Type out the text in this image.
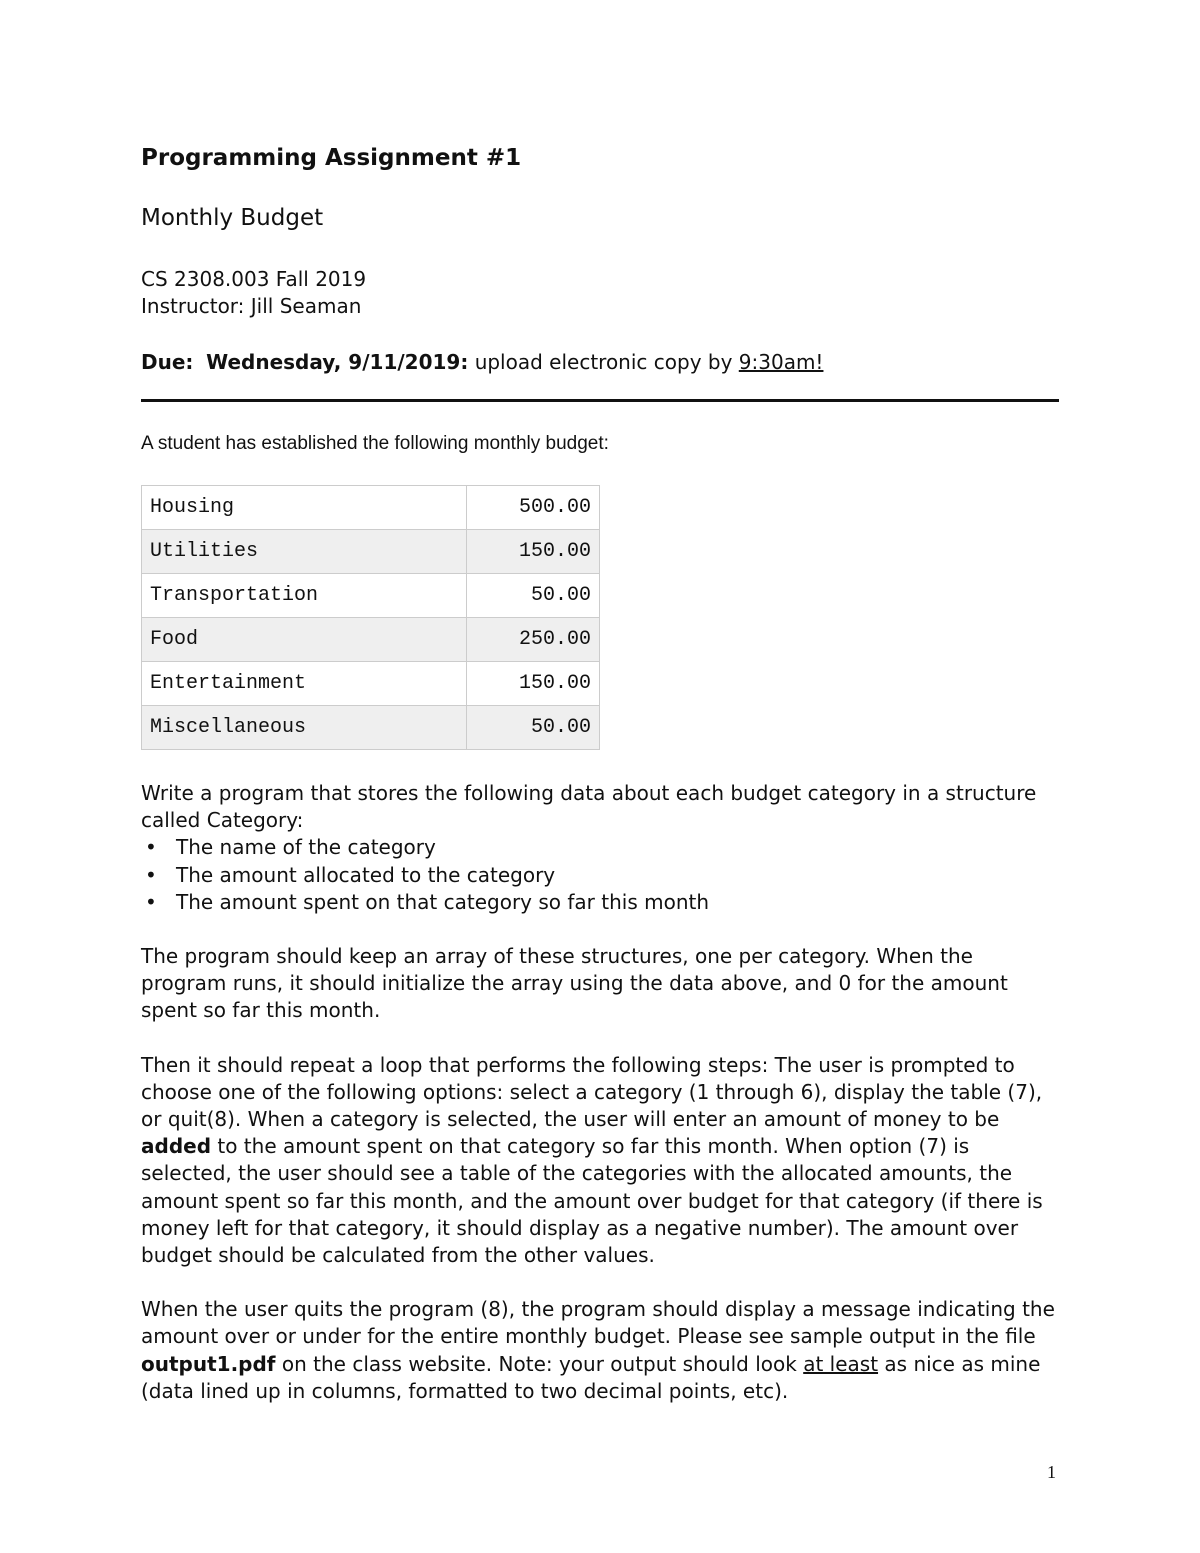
Programming Assignment #1
Monthly Budget
CS 2308.003 Fall 2019
Instructor: Jill Seaman
Due: Wednesday, 9/11/2019: upload electronic copy by 9:30am!
A student has established the following monthly budget:
Housing	500.00
Utilities	150.00
Transportation	50.00
Food	250.00
Entertainment	150.00
Miscellaneous	50.00

Write a program that stores the following data about each budget category in a structure called Category:

• The name of the category
• The amount allocated to the category
• The amount spent on that category so far this month

The program should keep an array of these structures, one per category. When the program runs, it should initialize the array using the data above, and 0 for the amount spent so far this month.

Then it should repeat a loop that performs the following steps: The user is prompted to choose one of the following options: select a category (1 through 6), display the table (7), or quit(8). When a category is selected, the user will enter an amount of money to be added to the amount spent on that category so far this month. When option (7) is selected, the user should see a table of the categories with the allocated amounts, the amount spent so far this month, and the amount over budget for that category (if there is money left for that category, it should display as a negative number). The amount over budget should be calculated from the other values.

When the user quits the program (8), the program should display a message indicating the amount over or under for the entire monthly budget. Please see sample output in the file output1.pdf on the class website. Note: your output should look at least as nice as mine (data lined up in columns, formatted to two decimal points, etc).

1
